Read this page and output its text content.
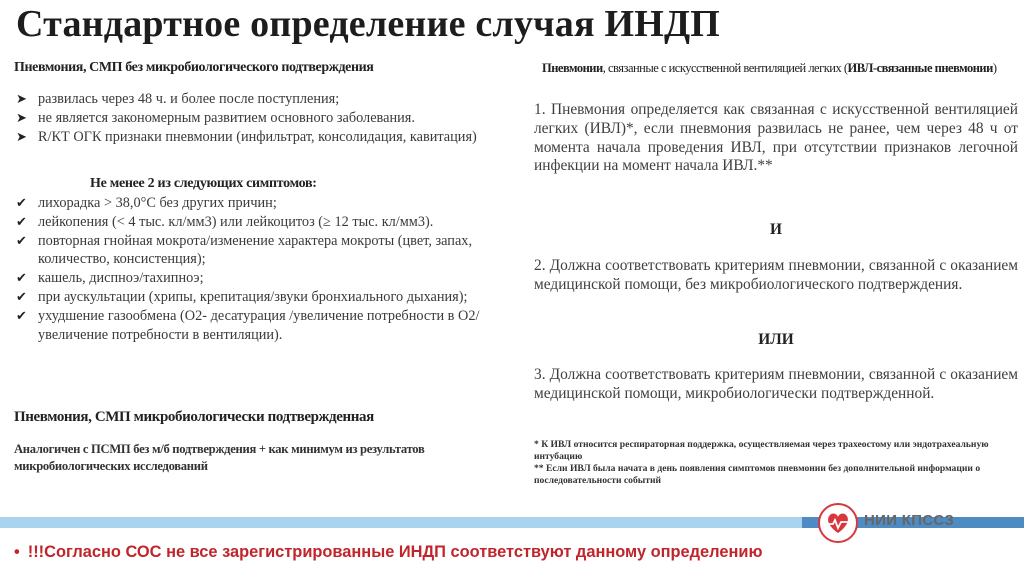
Стандартное определение случая ИНДП
Пневмония, СМП без микробиологического подтверждения
➤ развилась через 48 ч. и более после поступления;
➤ не является закономерным развитием основного заболевания.
➤ R/КТ ОГК признаки пневмонии (инфильтрат, консолидация, кавитация)
Не менее 2 из следующих симптомов:
✔ лихорадка > 38,0°С без других причин;
✔ лейкопения (< 4 тыс. кл/мм3) или лейкоцитоз (≥ 12 тыс. кл/мм3).
✔ повторная гнойная мокрота/изменение характера мокроты (цвет, запах, количество, консистенция);
✔ кашель, диспноэ/тахипноэ;
✔ при аускультации (хрипы, крепитация/звуки бронхиального дыхания);
✔ ухудшение газообмена (О2- десатурация /увеличение потребности в О2/увеличение потребности в вентиляции).
Пневмония, СМП микробиологически подтвержденная
Аналогичен с ПСМП без м/б подтверждения + как минимум из результатов микробиологических исследований
Пневмонии, связанные с искусственной вентиляцией легких (ИВЛ-связанные пневмонии)
1. Пневмония определяется как связанная с искусственной вентиляцией легких (ИВЛ)*, если пневмония развилась не ранее, чем через 48 ч от момента начала проведения ИВЛ, при отсутствии признаков легочной инфекции на момент начала ИВЛ.**
И
2. Должна соответствовать критериям пневмонии, связанной с оказанием медицинской помощи, без микробиологического подтверждения.
ИЛИ
3. Должна соответствовать критериям пневмонии, связанной с оказанием медицинской помощи, микробиологически подтвержденной.
* К ИВЛ относится респираторная поддержка, осуществляемая через трахеостому или эндотрахеальную интубацию
** Если ИВЛ была начата в день появления симптомов пневмонии без дополнительной информации о последовательности событий
НИИ КПССЗ
• !!!Согласно СОС не все зарегистрированные ИНДП соответствуют данному определению
